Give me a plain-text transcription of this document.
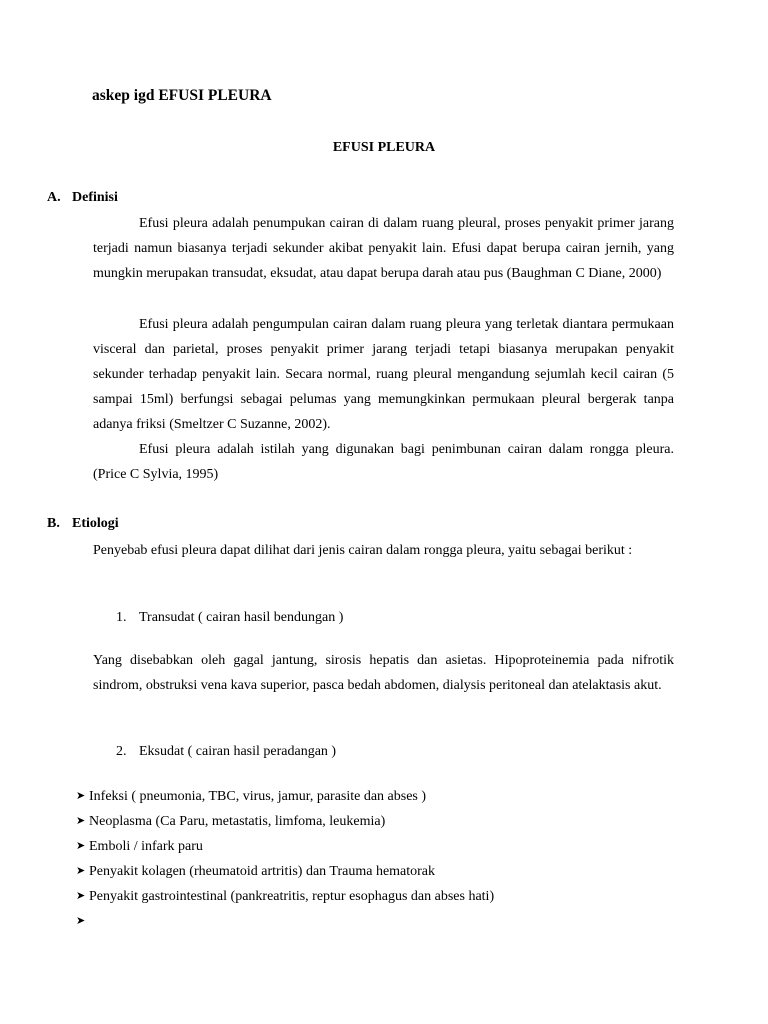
askep igd EFUSI PLEURA
EFUSI PLEURA
A. Definisi

Efusi pleura adalah penumpukan cairan di dalam ruang pleural, proses penyakit primer jarang terjadi namun biasanya terjadi sekunder akibat penyakit lain. Efusi dapat berupa cairan jernih, yang mungkin merupakan transudat, eksudat, atau dapat berupa darah atau pus (Baughman C Diane, 2000)

Efusi pleura adalah pengumpulan cairan dalam ruang pleura yang terletak diantara permukaan visceral dan parietal, proses penyakit primer jarang terjadi tetapi biasanya merupakan penyakit sekunder terhadap penyakit lain. Secara normal, ruang pleural mengandung sejumlah kecil cairan (5 sampai 15ml) berfungsi sebagai pelumas yang memungkinkan permukaan pleural bergerak tanpa adanya friksi (Smeltzer C Suzanne, 2002).

Efusi pleura adalah istilah yang digunakan bagi penimbunan cairan dalam rongga pleura. (Price C Sylvia, 1995)

B. Etiologi

Penyebab efusi pleura dapat dilihat dari jenis cairan dalam rongga pleura, yaitu sebagai berikut :

1. Transudat ( cairan hasil bendungan )

Yang disebabkan oleh gagal jantung, sirosis hepatis dan asietas. Hipoproteinemia pada nifrotik sindrom, obstruksi vena kava superior, pasca bedah abdomen, dialysis peritoneal dan atelaktasis akut.

2. Eksudat ( cairan hasil peradangan )

➤ Infeksi ( pneumonia, TBC, virus, jamur, parasite dan abses )
➤ Neoplasma (Ca Paru, metastatis, limfoma, leukemia)
➤ Emboli / infark paru
➤ Penyakit kolagen (rheumatoid artritis) dan Trauma hematorak
➤ Penyakit gastrointestinal (pankreatritis, reptur esophagus dan abses hati)
➤
